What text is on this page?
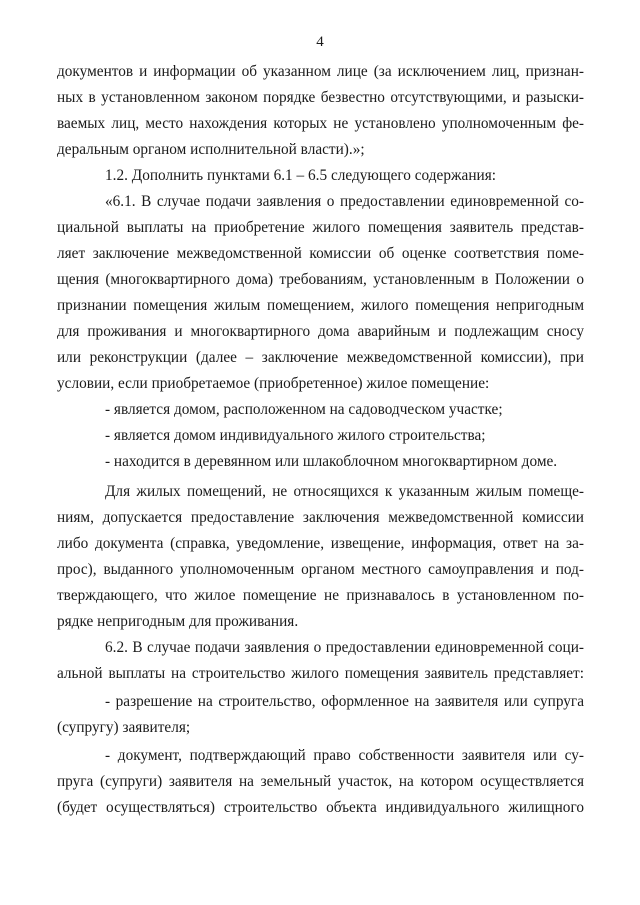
4
документов и информации об указанном лице (за исключением лиц, признан-
ных в установленном законом порядке безвестно отсутствующими, и разыски-
ваемых лиц, место нахождения которых не установлено уполномоченным фе-
деральным органом исполнительной власти).»;
1.2. Дополнить пунктами 6.1 – 6.5 следующего содержания:
«6.1. В случае подачи заявления о предоставлении единовременной со-
циальной выплаты на приобретение жилого помещения заявитель представ-
ляет заключение межведомственной комиссии об оценке соответствия поме-
щения (многоквартирного дома) требованиям, установленным в Положении о
признании помещения жилым помещением, жилого помещения непригодным
для проживания и многоквартирного дома аварийным и подлежащим сносу
или реконструкции (далее – заключение межведомственной комиссии), при
условии, если приобретаемое (приобретенное) жилое помещение:
- является домом, расположенном на садоводческом участке;
- является домом индивидуального жилого строительства;
- находится в деревянном или шлакоблочном многоквартирном доме.
Для жилых помещений, не относящихся к указанным жилым помеще-
ниям, допускается предоставление заключения межведомственной комиссии
либо документа (справка, уведомление, извещение, информация, ответ на за-
прос), выданного уполномоченным органом местного самоуправления и под-
тверждающего, что жилое помещение не признавалось в установленном по-
рядке непригодным для проживания.
6.2. В случае подачи заявления о предоставлении единовременной соци-
альной выплаты на строительство жилого помещения заявитель представляет:
- разрешение на строительство, оформленное на заявителя или супруга
(супругу) заявителя;
- документ, подтверждающий право собственности заявителя или су-
пруга (супруги) заявителя на земельный участок, на котором осуществляется
(будет осуществляться) строительство объекта индивидуального жилищного
